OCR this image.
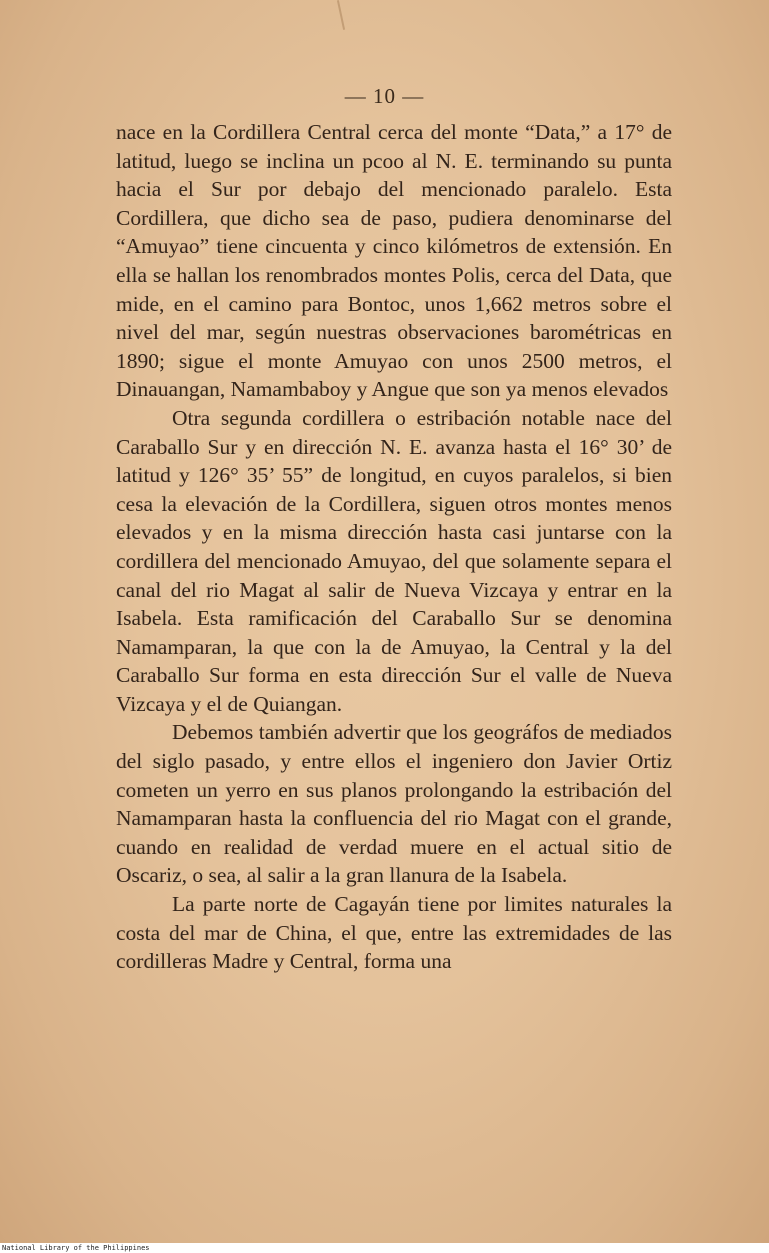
— 10 —

nace en la Cordillera Central cerca del monte “Data,” a 17° de latitud, luego se inclina un pcoo al N. E. terminando su punta hacia el Sur por debajo del mencionado paralelo. Esta Cordillera, que dicho sea de paso, pudiera denominarse del “Amuyao” tiene cincuenta y cinco kilómetros de extensión. En ella se hallan los renombrados montes Polis, cerca del Data, que mide, en el camino para Bontoc, unos 1,662 metros sobre el nivel del mar, según nuestras observaciones barométricas en 1890; sigue el monte Amuyao con unos 2500 metros, el Dinauangan, Namambaboy y Angue que son ya menos elevados

Otra segunda cordillera o estribación notable nace del Caraballo Sur y en dirección N. E. avanza hasta el 16° 30’ de latitud y 126° 35’ 55” de longitud, en cuyos paralelos, si bien cesa la elevación de la Cordillera, siguen otros montes menos elevados y en la misma dirección hasta casi juntarse con la cordillera del mencionado Amuyao, del que solamente separa el canal del rio Magat al salir de Nueva Vizcaya y entrar en la Isabela. Esta ramificación del Caraballo Sur se denomina Namamparan, la que con la de Amuyao, la Central y la del Caraballo Sur forma en esta dirección Sur el valle de Nueva Vizcaya y el de Quiangan.

Debemos también advertir que los geográfos de mediados del siglo pasado, y entre ellos el ingeniero don Javier Ortiz cometen un yerro en sus planos prolongando la estribación del Namamparan hasta la confluencia del rio Magat con el grande, cuando en realidad de verdad muere en el actual sitio de Oscariz, o sea, al salir a la gran llanura de la Isabela.

La parte norte de Cagayán tiene por limites naturales la costa del mar de China, el que, entre las extremidades de las cordilleras Madre y Central, forma una

National Library of the Philippines
